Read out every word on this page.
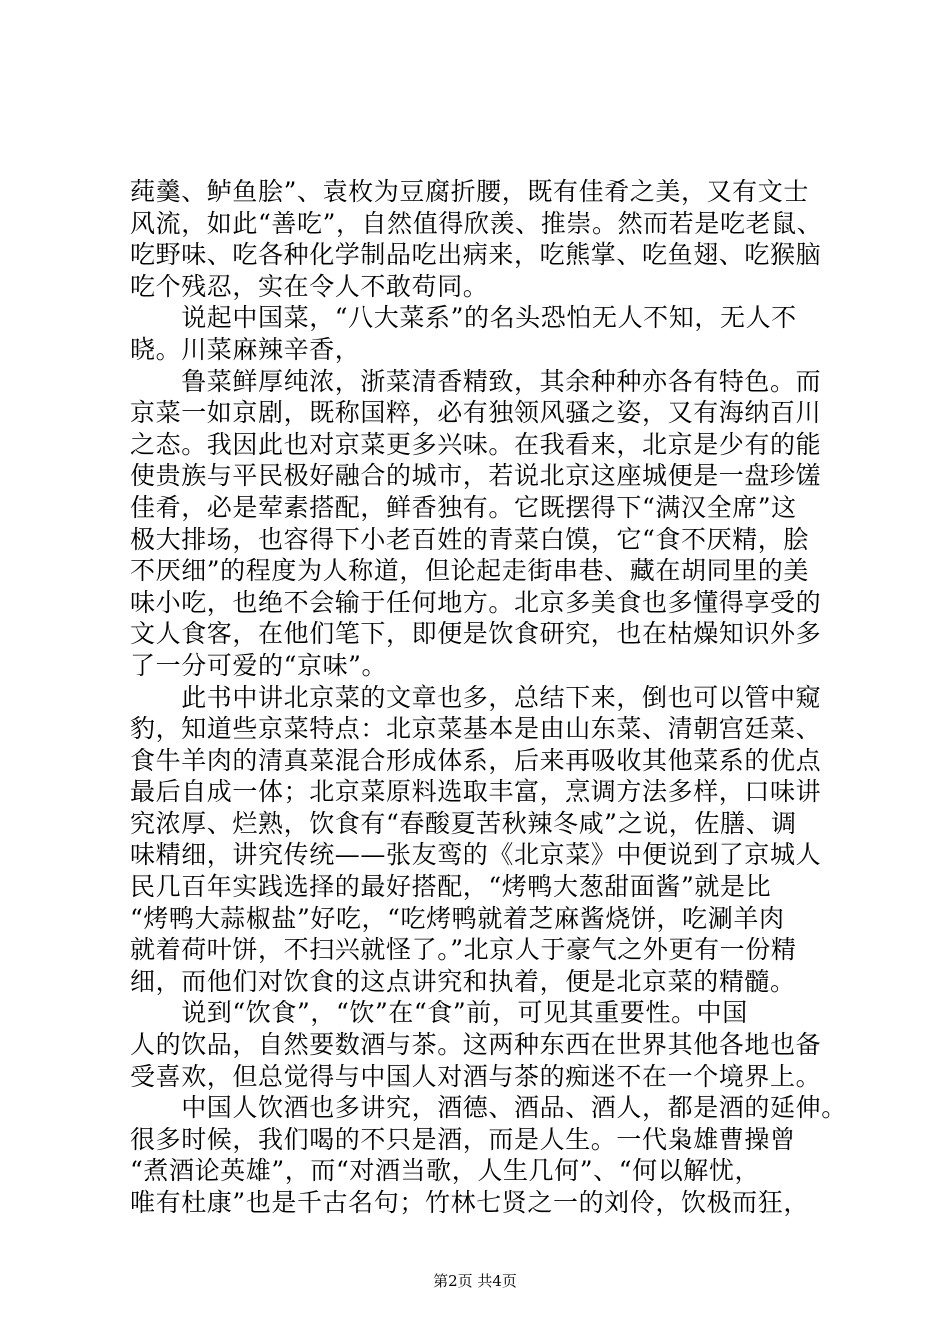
莼羹、鲈鱼脍”、袁枚为豆腐折腰，既有佳肴之美，又有文士
风流，如此“善吃”，自然值得欣羡、推崇。然而若是吃老鼠、
吃野味、吃各种化学制品吃出病来，吃熊掌、吃鱼翅、吃猴脑
吃个残忍，实在令人不敢苟同。
　　说起中国菜，“八大菜系”的名头恐怕无人不知，无人不
晓。川菜麻辣辛香，
　　鲁菜鲜厚纯浓，浙菜清香精致，其余种种亦各有特色。而
京菜一如京剧，既称国粹，必有独领风骚之姿，又有海纳百川
之态。我因此也对京菜更多兴味。在我看来，北京是少有的能
使贵族与平民极好融合的城市，若说北京这座城便是一盘珍馐
佳肴，必是荤素搭配，鲜香独有。它既摆得下“满汉全席”这
极大排场，也容得下小老百姓的青菜白馍，它“食不厌精，脍
不厌细”的程度为人称道，但论起走街串巷、藏在胡同里的美
味小吃，也绝不会输于任何地方。北京多美食也多懂得享受的
文人食客，在他们笔下，即便是饮食研究，也在枯燥知识外多
了一分可爱的“京味”。
　　此书中讲北京菜的文章也多，总结下来，倒也可以管中窥
豹，知道些京菜特点：北京菜基本是由山东菜、清朝宫廷菜、
食牛羊肉的清真菜混合形成体系，后来再吸收其他菜系的优点
最后自成一体；北京菜原料选取丰富，烹调方法多样，口味讲
究浓厚、烂熟，饮食有“春酸夏苦秋辣冬咸”之说，佐膳、调
味精细，讲究传统——张友鸾的《北京菜》中便说到了京城人
民几百年实践选择的最好搭配，“烤鸭大葱甜面酱”就是比
“烤鸭大蒜椒盐”好吃，“吃烤鸭就着芝麻酱烧饼，吃涮羊肉
就着荷叶饼，不扫兴就怪了。”北京人于豪气之外更有一份精
细，而他们对饮食的这点讲究和执着，便是北京菜的精髓。
　　说到“饮食”，“饮”在“食”前，可见其重要性。中国
人的饮品，自然要数酒与茶。这两种东西在世界其他各地也备
受喜欢，但总觉得与中国人对酒与茶的痴迷不在一个境界上。
　　中国人饮酒也多讲究，酒德、酒品、酒人，都是酒的延伸。
很多时候，我们喝的不只是酒，而是人生。一代枭雄曹操曾
“煮酒论英雄”，而“对酒当歌，人生几何”、“何以解忧，
唯有杜康”也是千古名句；竹林七贤之一的刘伶，饮极而狂，
第2页 共4页
